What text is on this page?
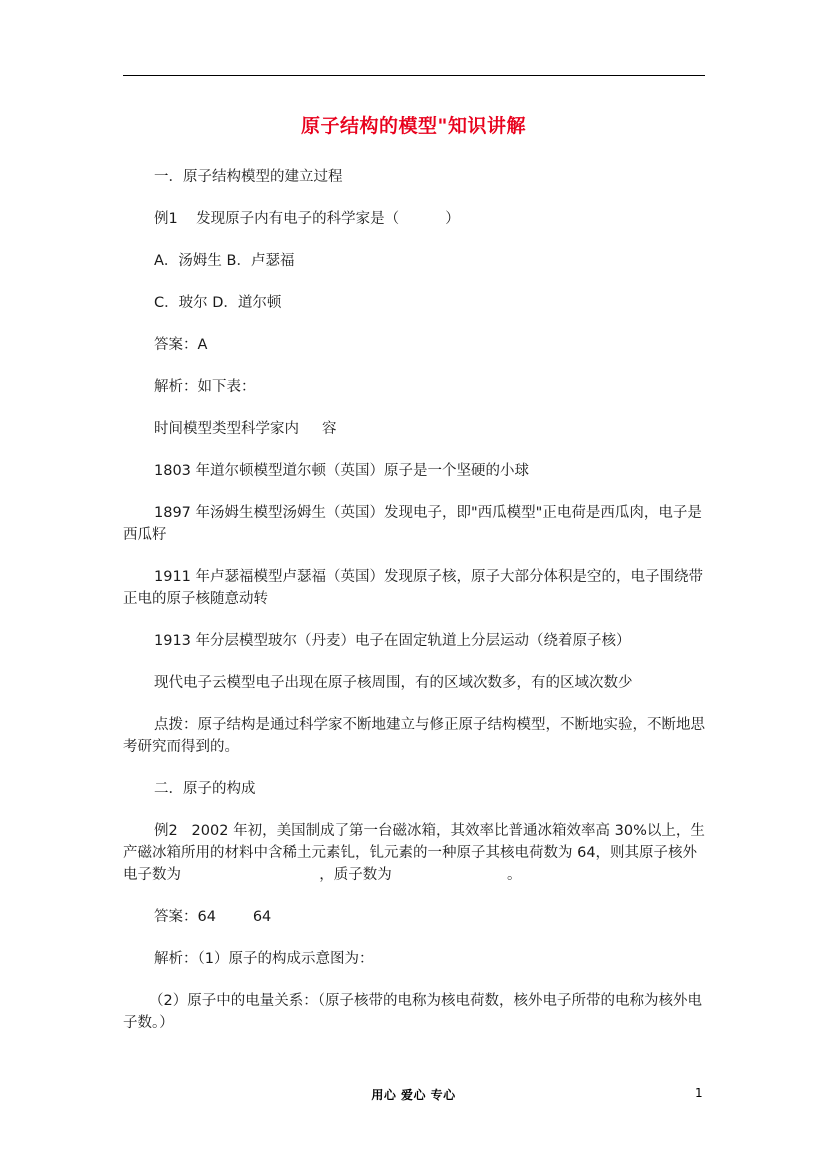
原子结构的模型"知识讲解

一．原子结构模型的建立过程

例1    发现原子内有电子的科学家是（          ）

A．汤姆生 B．卢瑟福

C．玻尔 D．道尔顿

答案：A

解析：如下表：

时间模型类型科学家内     容

1803 年道尔顿模型道尔顿（英国）原子是一个坚硬的小球

1897 年汤姆生模型汤姆生（英国）发现电子，即"西瓜模型"正电荷是西瓜肉，电子是西瓜籽

1911 年卢瑟福模型卢瑟福（英国）发现原子核，原子大部分体积是空的，电子围绕带正电的原子核随意动转

1913 年分层模型玻尔（丹麦）电子在固定轨道上分层运动（绕着原子核）

现代电子云模型电子出现在原子核周围，有的区域次数多，有的区域次数少

点拨：原子结构是通过科学家不断地建立与修正原子结构模型，不断地实验，不断地思考研究而得到的。

二．原子的构成

例2   2002 年初，美国制成了第一台磁冰箱，其效率比普通冰箱效率高 30%以上，生产磁冰箱所用的材料中含稀土元素钆，钆元素的一种原子其核电荷数为 64，则其原子核外电子数为                              ，质子数为                         。

答案：64        64

解析：（1）原子的构成示意图为：

（2）原子中的电量关系：（原子核带的电称为核电荷数，核外电子所带的电称为核外电子数。）

用心 爱心 专心	1
